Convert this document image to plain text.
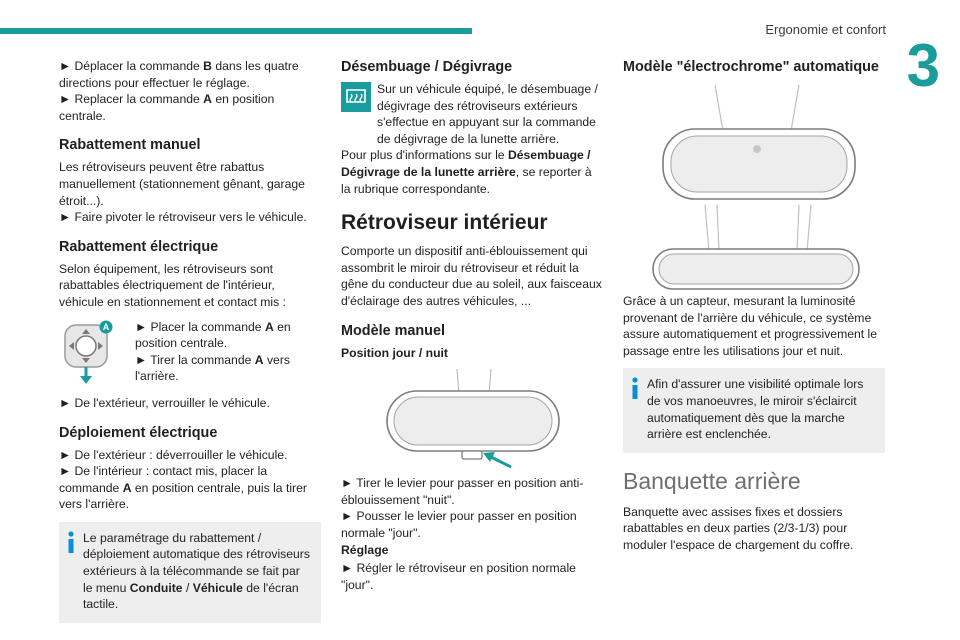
Ergonomie et confort
3

► Déplacer la commande B dans les quatre directions pour effectuer le réglage.

► Replacer la commande A en position centrale.

Rabattement manuel

Les rétroviseurs peuvent être rabattus manuellement (stationnement gênant, garage étroit...).

► Faire pivoter le rétroviseur vers le véhicule.

Rabattement électrique

Selon équipement, les rétroviseurs sont rabattables électriquement de l'intérieur, véhicule en stationnement et contact mis :

A

►	Placer la commande A en position centrale.

► Tirer la commande A vers l'arrière.

► De l'extérieur, verrouiller le véhicule.

Déploiement électrique

► De l'extérieur : déverrouiller le véhicule.

► De l'intérieur : contact mis, placer la commande A en position centrale, puis la tirer vers l'arrière.

Le paramétrage du rabattement / déploiement automatique des rétroviseurs extérieurs à la télécommande se fait par le menu Conduite / Véhicule de l'écran tactile.

Désembuage / Dégivrage

Sur un véhicule équipé, le désembuage / dégivrage des rétroviseurs extérieurs s'effectue en appuyant sur la commande de dégivrage de la lunette arrière.

Pour plus d'informations sur le Désembuage / Dégivrage de la lunette arrière, se reporter à la rubrique correspondante.

Rétroviseur intérieur

Comporte un dispositif anti-éblouissement qui assombrit le miroir du rétroviseur et réduit la gêne du conducteur due au soleil, aux faisceaux d'éclairage des autres véhicules, ...

Modèle manuel
Position jour / nuit

► Tirer le levier pour passer en position anti-éblouissement "nuit".

► Pousser le levier pour passer en position normale "jour".

Réglage

► Régler le rétroviseur en position normale "jour".

Modèle "électrochrome" automatique

Grâce à un capteur, mesurant la luminosité provenant de l'arrière du véhicule, ce système assure automatiquement et progressivement le passage entre les utilisations jour et nuit.

Afin d'assurer une visibilité optimale lors de vos manoeuvres, le miroir s'éclaircit automatiquement dès que la marche arrière est enclenchée.

Banquette arrière

Banquette avec assises fixes et dossiers rabattables en deux parties (2/3-1/3) pour moduler l'espace de chargement du coffre.
